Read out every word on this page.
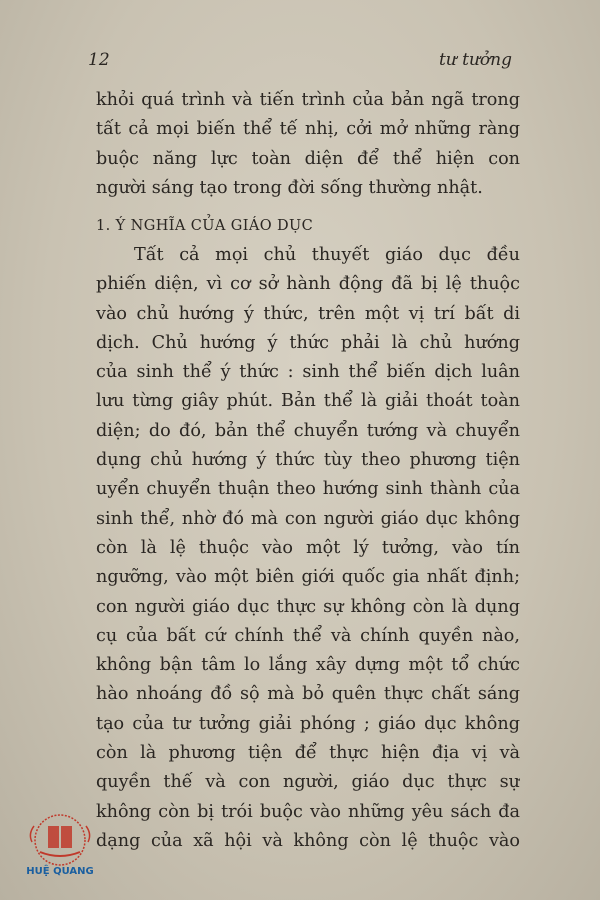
12	tư tưởng
khỏi quá trình và tiến trình của bản ngã trong
tất cả mọi biến thể tế nhị, cởi mở những ràng
buộc năng lực toàn diện để thể hiện con
người sáng tạo trong đời sống thường nhật.
1. Ý NGHĨA CỦA GIÁO DỤC
Tất cả mọi chủ thuyết giáo dục đều
phiến diện, vì cơ sở hành động đã bị lệ thuộc
vào chủ hướng ý thức, trên một vị trí bất di
dịch. Chủ hướng ý thức phải là chủ hướng
của sinh thể ý thức : sinh thể biến dịch luân
lưu từng giây phút. Bản thể là giải thoát toàn
diện; do đó, bản thể chuyển tướng và chuyển
dụng chủ hướng ý thức tùy theo phương tiện
uyển chuyển thuận theo hướng sinh thành của
sinh thể, nhờ đó mà con người giáo dục không
còn là lệ thuộc vào một lý tưởng, vào tín
ngưỡng, vào một biên giới quốc gia nhất định;
con người giáo dục thực sự không còn là dụng
cụ của bất cứ chính thể và chính quyền nào,
không bận tâm lo lắng xây dựng một tổ chức
hào nhoáng đồ sộ mà bỏ quên thực chất sáng
tạo của tư tưởng giải phóng ; giáo dục không
còn là phương tiện để thực hiện địa vị và
quyền thế và con người, giáo dục thực sự
không còn bị trói buộc vào những yêu sách đa
dạng của xã hội và không còn lệ thuộc vào
HUỆ QUANG
